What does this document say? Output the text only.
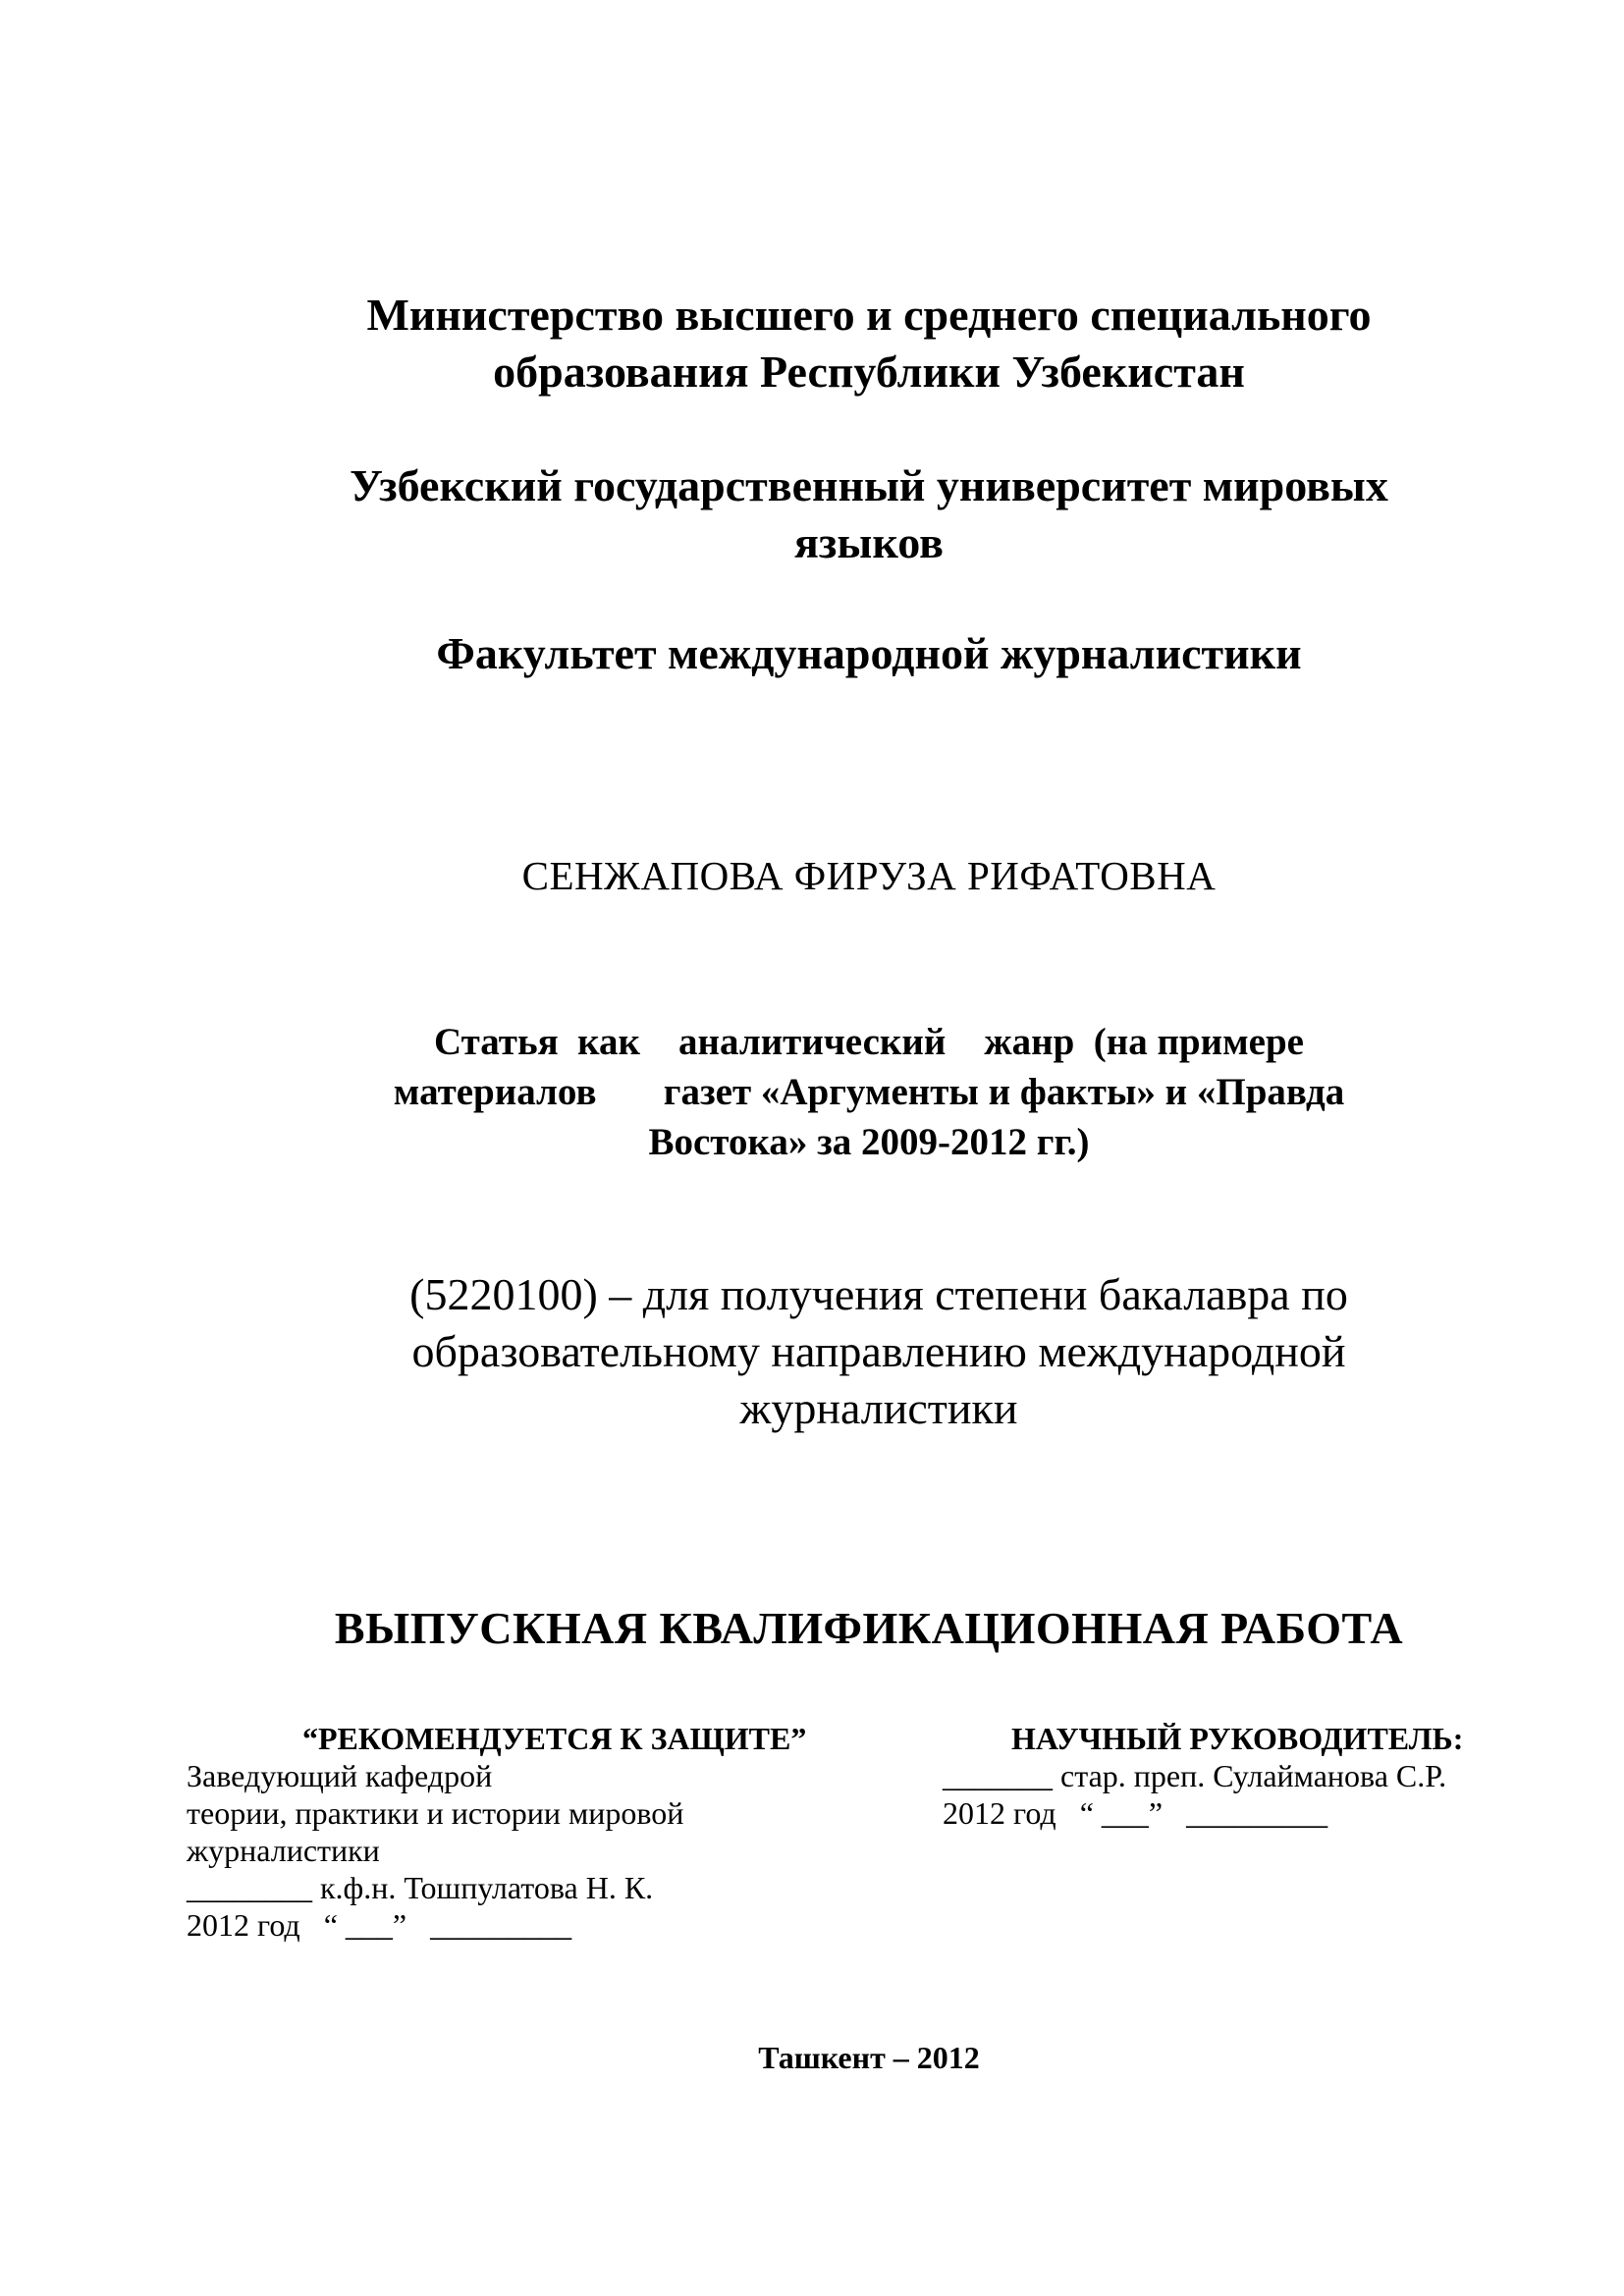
Министерство высшего и среднего специального
образования Республики Узбекистан
Узбекский государственный университет мировых
языков
Факультет международной журналистики
СЕНЖАПОВА ФИРУЗА РИФАТОВНА
Статья  как    аналитический    жанр  (на примере
материалов       газет «Аргументы и факты» и «Правда
Востока» за 2009-2012 гг.)
(5220100) – для получения степени бакалавра по
образовательному направлению международной
журналистики
ВЫПУСКНАЯ КВАЛИФИКАЦИОННАЯ РАБОТА
“РЕКОМЕНДУЕТСЯ К ЗАЩИТЕ”
Заведующий кафедрой
теории, практики и истории мировой
журналистики
________ к.ф.н. Тошпулатова Н. К.
2012 год   “ ___”   _________
НАУЧНЫЙ РУКОВОДИТЕЛЬ:
_______ стар. преп. Сулайманова С.Р.
2012 год   “ ___”   _________
Ташкент – 2012
